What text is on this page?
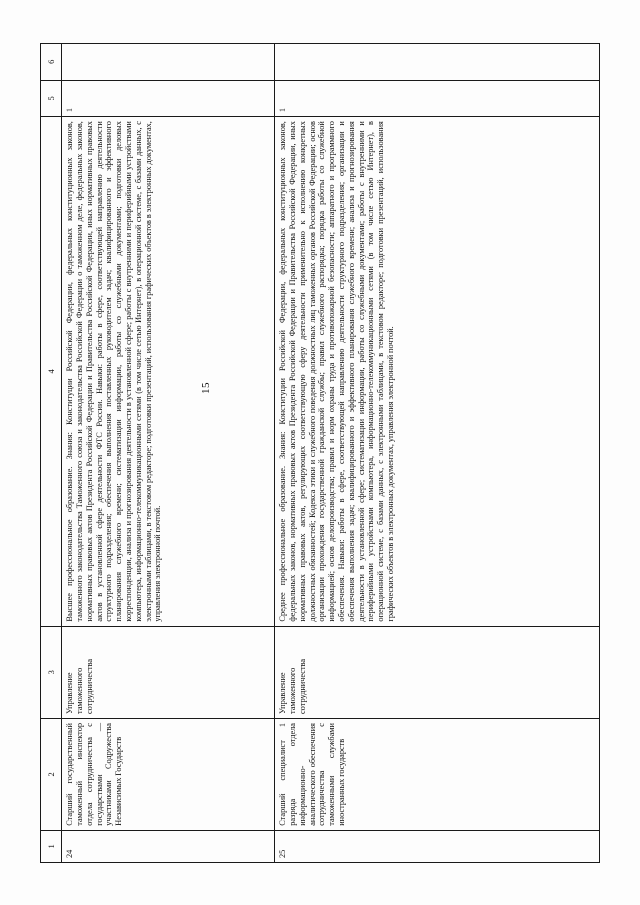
15
1	2	3	4	5	6
24	Старший государственный таможенный инспектор отдела сотрудничества с государствами — участниками Содружества Независимых Государств	Управление таможенного сотрудничества	Высшее профессиональное образование. Знания: Конституции Российской Федерации, федеральных конституционных законов, таможенного законодательства Таможенного союза и законодательства Российской Федерации о таможенном деле, федеральных законов, нормативных правовых актов Президента Российской Федерации и Правительства Российской Федерации, иных нормативных правовых актов в установленной сфере деятельности ФТС России. Навыки: работы в сфере, соответствующей направлению деятельности структурного подразделения; обеспечения выполнения поставленных руководителем задач; квалифицированного и эффективного планирования служебного времени; систематизации информации, работы со служебными документами; подготовки деловых корреспонденции, анализа и прогнозирования деятельности в установленной сфере; работы с внутренними и периферийными устройствами компьютера, информационно-телекоммуникационными сетями (в том числе сетью Интернет), в операционной системе, с базами данных, с электронными таблицами, в текстовом редакторе; подготовки презентаций, использования графических объектов в электронных документах, управления электронной почтой.	1	
25	Старший специалист 1 разряда отдела информационно-аналитического обеспечения сотрудничества с таможенными службами иностранных государств	Управление таможенного сотрудничества	Среднее профессиональное образование. Знания: Конституции Российской Федерации, федеральных конституционных законов, федеральных законов, нормативных правовых актов Президента Российской Федерации и Правительства Российской Федерации, иных нормативных правовых актов, регулирующих соответствующую сферу деятельности применительно к исполнению конкретных должностных обязанностей; Кодекса этики и служебного поведения должностных лиц таможенных органов Российской Федерации; основ организации прохождения государственной гражданской службы; правил служебного распорядка; порядка работы со служебной информацией; основ делопроизводства; правил и норм охраны труда и противопожарной безопасности; аппаратного и программного обеспечения. Навыки: работы в сфере, соответствующей направлению деятельности структурного подразделения; организации и обеспечения выполнения задач; квалифицированного и эффективного планирования служебного времени; анализа и прогнозирования деятельности в установленной сфере; систематизации информации, работы со служебными документами; работы с внутренними и периферийными устройствами компьютера, информационно-телекоммуникационными сетями (в том числе сетью Интернет), в операционной системе, с базами данных, с электронными таблицами, в текстовом редакторе; подготовки презентаций, использования графических объектов в электронных документах, управления электронной почтой.	1	
